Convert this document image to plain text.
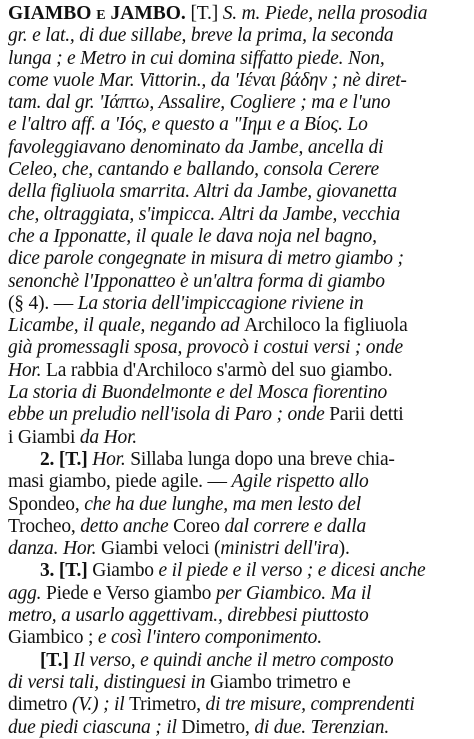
GIAMBO e JAMBO. [T.] S. m. Piede, nella prosodia
gr. e lat., di due sillabe, breve la prima, la seconda
lunga ; e Metro in cui domina siffatto piede. Non,
come vuole Mar. Vittorin., da 'Ιέναι βάδην ; nè diret-
tam. dal gr. 'Ιάπτω, Assalire, Cogliere ; ma e l'uno
e l'altro aff. a 'Ιός, e questo a "Ιημι e a Βίος. Lo
favoleggiavano denominato da Jambe, ancella di
Celeo, che, cantando e ballando, consola Cerere
della figliuola smarrita. Altri da Jambe, giovanetta
che, oltraggiata, s'impicca. Altri da Jambe, vecchia
che a Ipponatte, il quale le dava noja nel bagno,
dice parole congegnate in misura di metro giambo ;
senonchè l'Ipponatteo è un'altra forma di giambo
(§ 4). — La storia dell'impiccagione riviene in
Licambe, il quale, negando ad Archiloco la figliuola
già promessagli sposa, provocò i costui versi ; onde
Hor. La rabbia d'Archiloco s'armò del suo giambo.
La storia di Buondelmonte e del Mosca fiorentino
ebbe un preludio nell'isola di Paro ; onde Parii detti
i Giambi da Hor.

2. [T.] Hor. Sillaba lunga dopo una breve chia-
masi giambo, piede agile. — Agile rispetto allo
Spondeo, che ha due lunghe, ma men lesto del
Trocheo, detto anche Coreo dal correre e dalla
danza. Hor. Giambi veloci (ministri dell'ira).

3. [T.] Giambo e il piede e il verso ; e dicesi anche
agg. Piede e Verso giambo per Giambico. Ma il
metro, a usarlo aggettivam., direbbesi piuttosto
Giambico ; e così l'intero componimento.

[T.] Il verso, e quindi anche il metro composto
di versi tali, distinguesi in Giambo trimetro e
dimetro (V.) ; il Trimetro, di tre misure, comprendenti
due piedi ciascuna ; il Dimetro, di due. Terenzian.
